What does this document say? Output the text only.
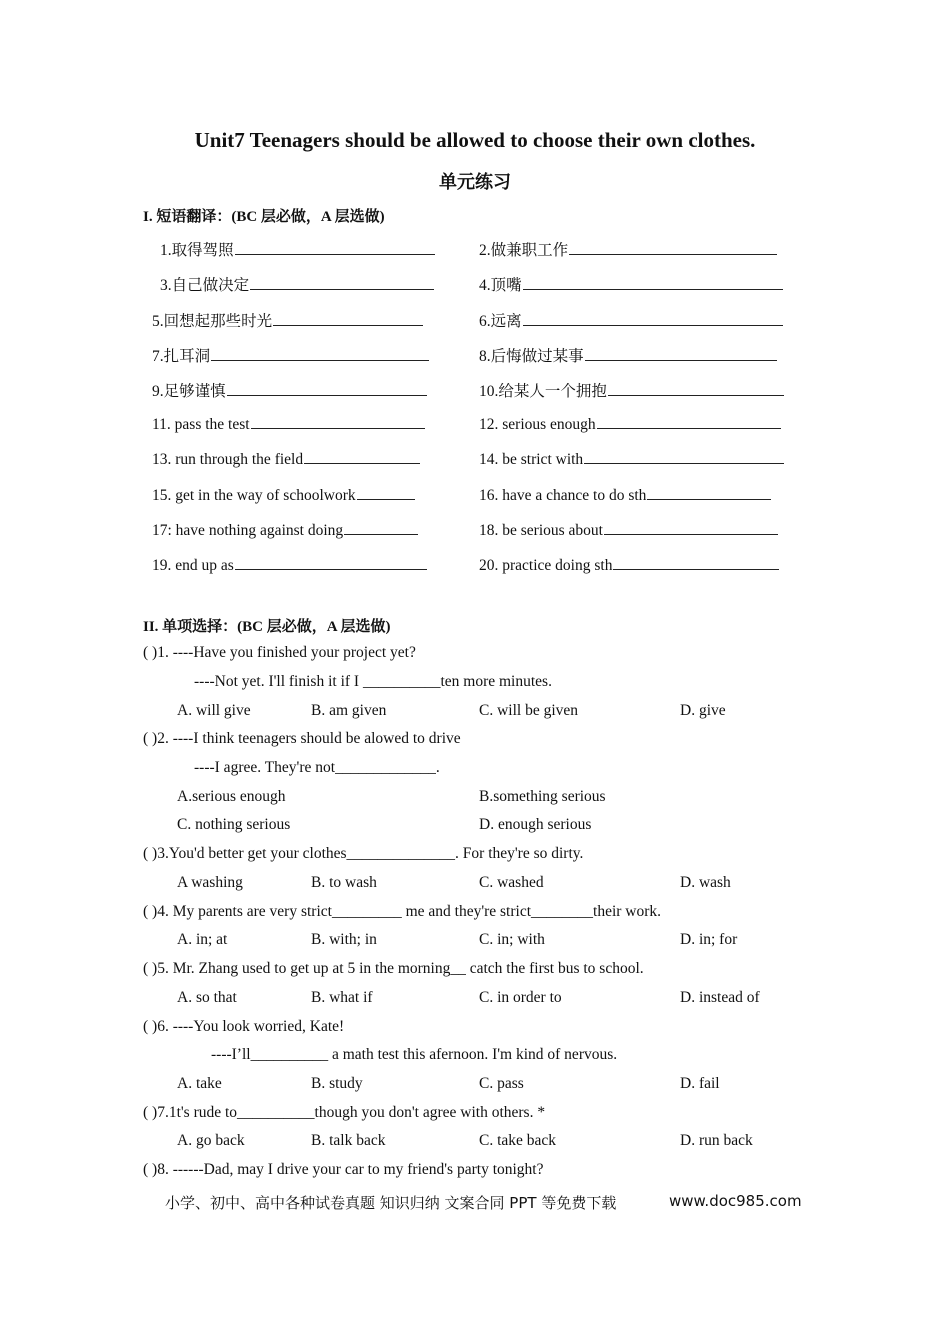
Unit7 Teenagers should be allowed to choose their own clothes.
单元练习
I. 短语翻译：(BC 层必做，A 层选做)
1.取得驾照	2.做兼职工作
3.自己做决定	4.顶嘴
5.回想起那些时光	6.远离
7.扎耳洞	8.后悔做过某事
9.足够谨慎	10.给某人一个拥抱
11. pass the test	12. serious enough
13. run through the field	14. be strict with
15. get in the way of schoolwork	16. have a chance to do sth
17: have nothing against doing	18. be serious about
19. end up as	20. practice doing sth
II. 单项选择：(BC 层必做，A 层选做)
( )1. ----Have you finished your project yet?
----Not yet. I'll finish it if I __________ten more minutes.
A. will give	B. am given	C. will be given	D. give
( )2. ----I think teenagers should be alowed to drive
----I agree. They're not_____________.
A.serious enough	B.something serious
C. nothing serious	D. enough serious
( )3.You'd better get your clothes______________. For they're so dirty.
A washing	B. to wash	C. washed	D. wash
( )4. My parents are very strict_________ me and they're strict________their work.
A. in; at	B. with; in	C. in; with	D. in; for
( )5. Mr. Zhang used to get up at 5 in the morning__ catch the first bus to school.
A. so that	B. what if	C. in order to	D. instead of
( )6. ----You look worried, Kate!
----I’ll__________ a math test this afernoon. I'm kind of nervous.
A. take	B. study	C. pass	D. fail
( )7.1t's rude to__________though you don't agree with others. *
A. go back	B. talk back	C. take back	D. run back
( )8. ------Dad, may I drive your car to my friend's party tonight?
小学、初中、高中各种试卷真题 知识归纳 文案合同 PPT 等免费下载	www.doc985.com
